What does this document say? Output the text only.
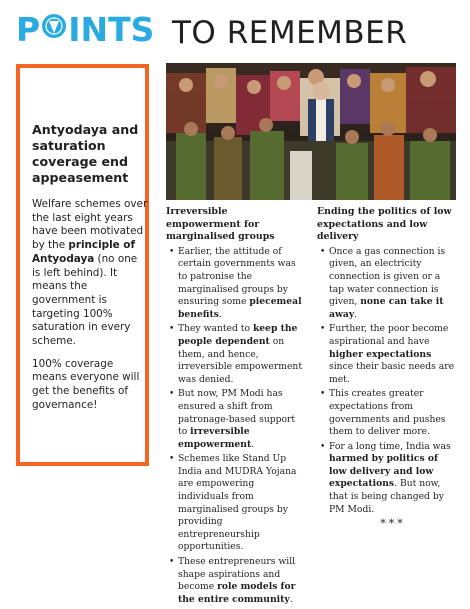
P INTS TO REMEMBER
Antyodaya and saturation coverage end appeasement

Welfare schemes over the last eight years have been motivated by the principle of Antyodaya (no one is left behind). It means the government is targeting 100% saturation in every scheme.

100% coverage means everyone will get the benefits of governance!

Irreversible empowerment for marginalised groups
• Earlier, the attitude of certain governments was to patronise the marginalised groups by ensuring some piecemeal benefits.
• They wanted to keep the people dependent on them, and hence, irreversible empowerment was denied.
• But now, PM Modi has ensured a shift from patronage-based support to irreversible empowerment.
• Schemes like Stand Up India and MUDRA Yojana are empowering individuals from marginalised groups by providing entrepreneurship opportunities.
• These entrepreneurs will shape aspirations and become role models for the entire community.
Ending the politics of low expectations and low delivery
• Once a gas connection is given, an electricity connection is given or a tap water connection is given, none can take it away.
• Further, the poor become aspirational and have higher expectations since their basic needs are met.
• This creates greater expectations from governments and pushes them to deliver more.
• For a long time, India was harmed by politics of low delivery and low expectations. But now, that is being changed by PM Modi.
***
